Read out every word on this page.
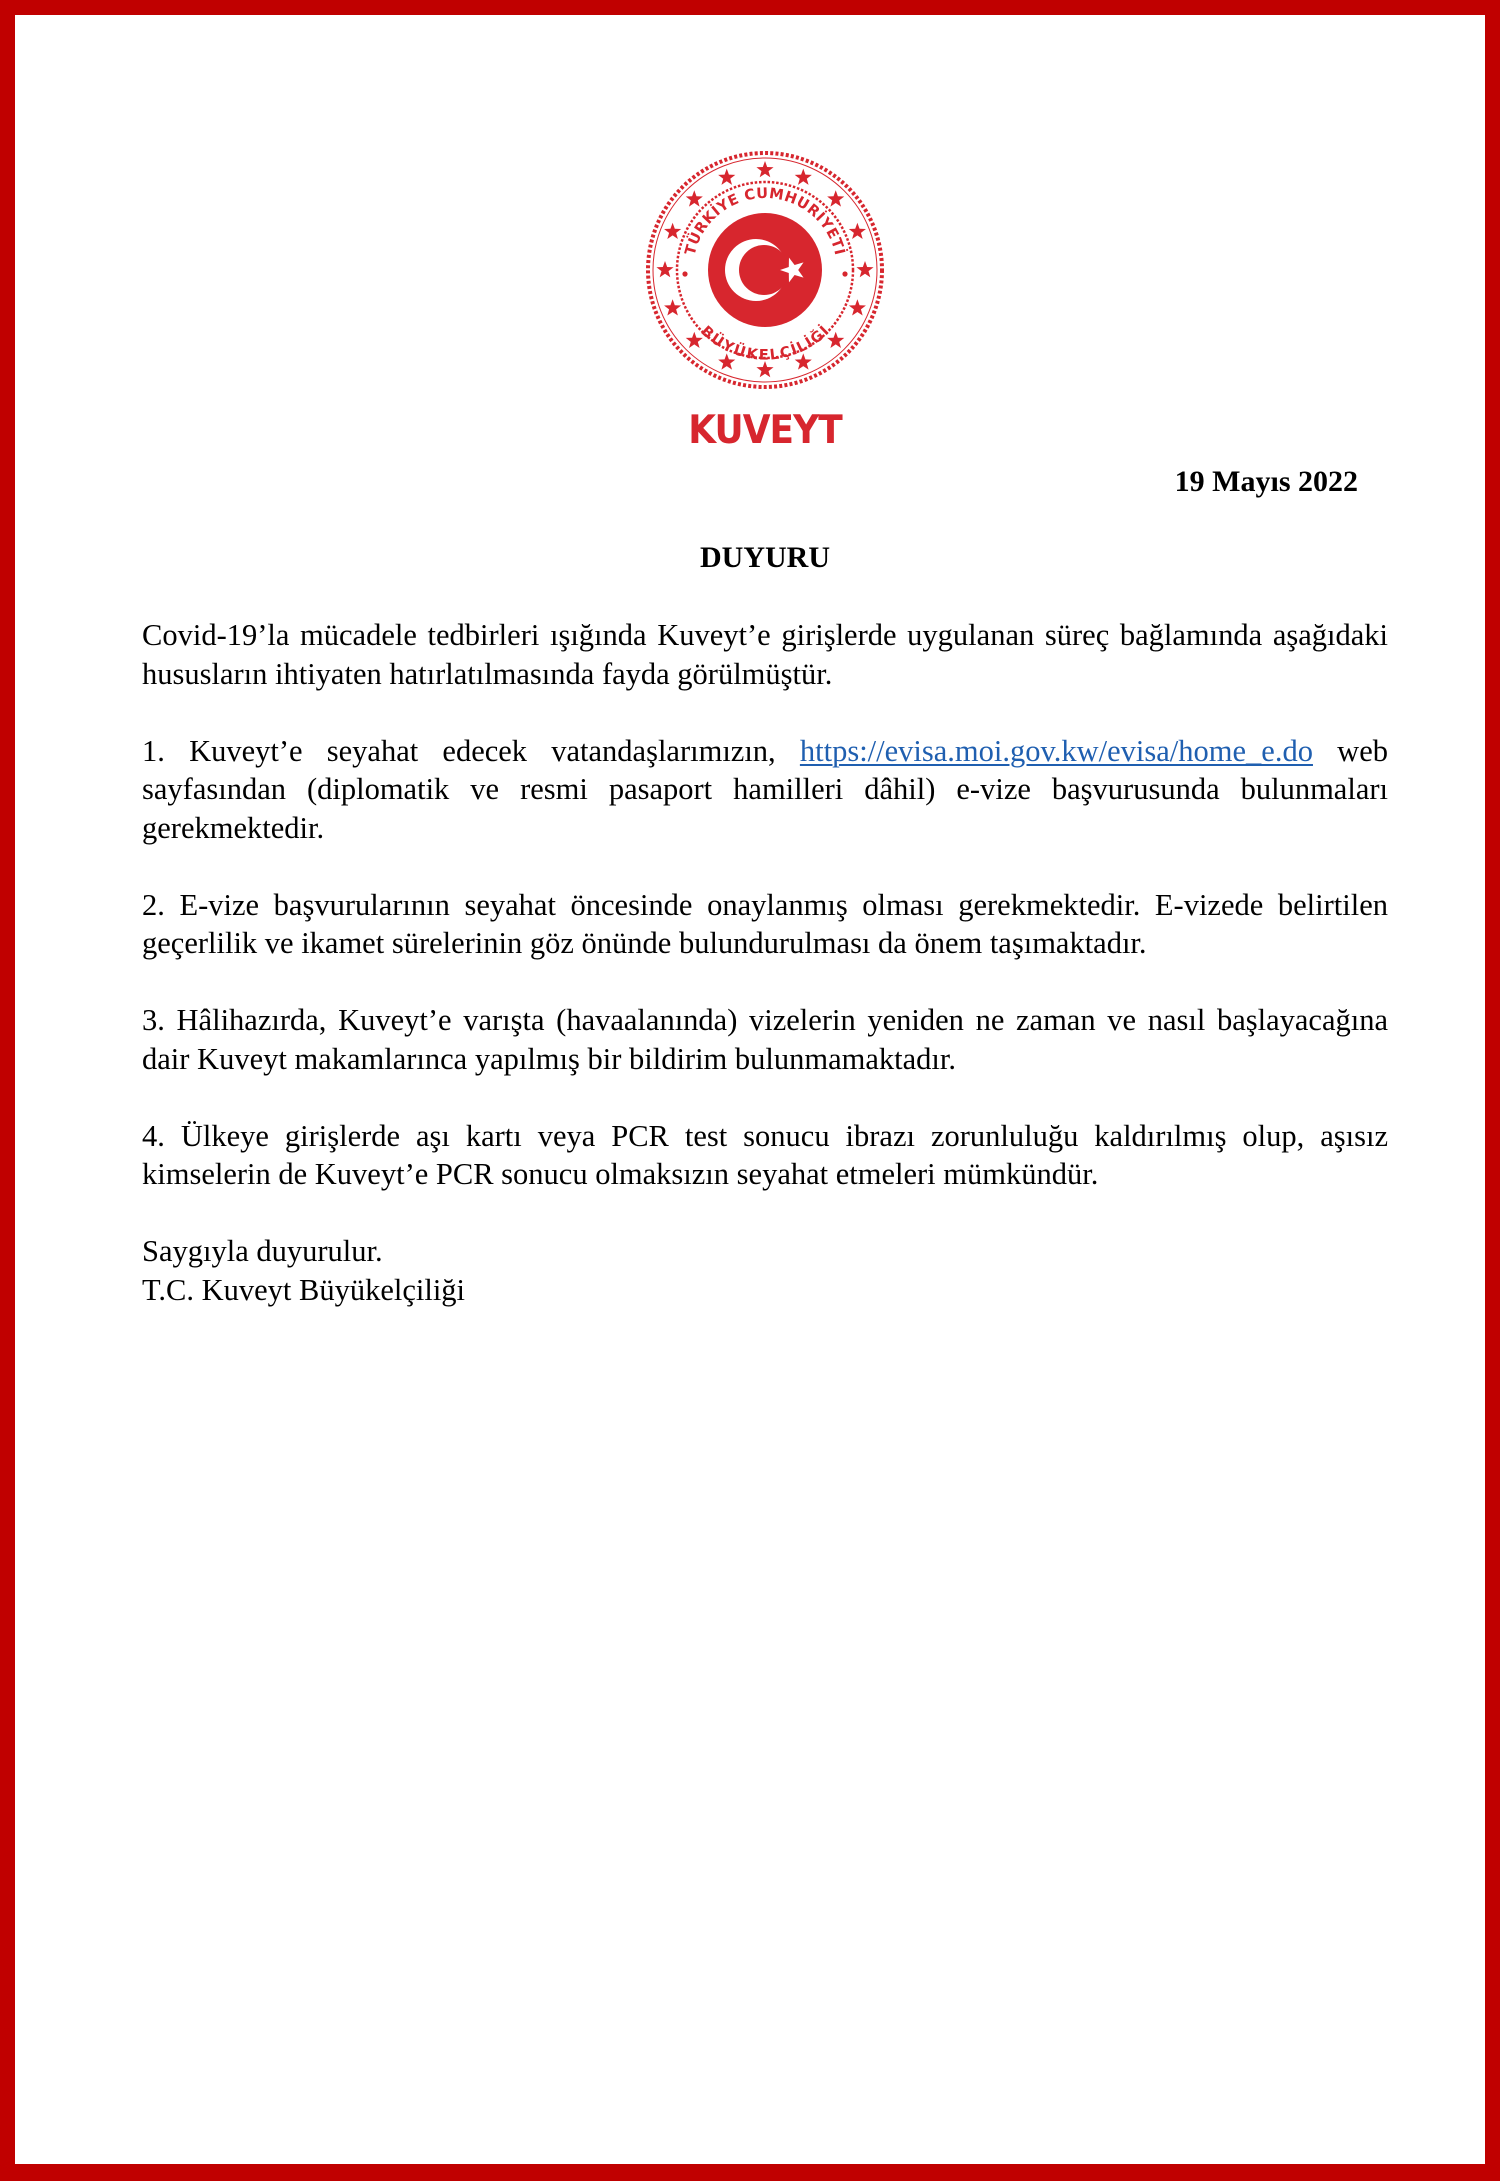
TÜRKİYE CUMHURİYETİ
BÜYÜKELÇİLİĞİ
KUVEYT
19 Mayıs 2022
DUYURU

Covid-19’la mücadele tedbirleri ışığında Kuveyt’e girişlerde uygulanan süreç bağlamında aşağıdaki hususların ihtiyaten hatırlatılmasında fayda görülmüştür.

1. Kuveyt’e seyahat edecek vatandaşlarımızın, https://evisa.moi.gov.kw/evisa/home_e.do web sayfasından (diplomatik ve resmi pasaport hamilleri dâhil) e-vize başvurusunda bulunmaları gerekmektedir.

2. E-vize başvurularının seyahat öncesinde onaylanmış olması gerekmektedir. E-vizede belirtilen geçerlilik ve ikamet sürelerinin göz önünde bulundurulması da önem taşımaktadır.

3. Hâlihazırda, Kuveyt’e varışta (havaalanında) vizelerin yeniden ne zaman ve nasıl başlayacağına dair Kuveyt makamlarınca yapılmış bir bildirim bulunmamaktadır.

4. Ülkeye girişlerde aşı kartı veya PCR test sonucu ibrazı zorunluluğu kaldırılmış olup, aşısız kimselerin de Kuveyt’e PCR sonucu olmaksızın seyahat etmeleri mümkündür.

Saygıyla duyurulur.
T.C. Kuveyt Büyükelçiliği
